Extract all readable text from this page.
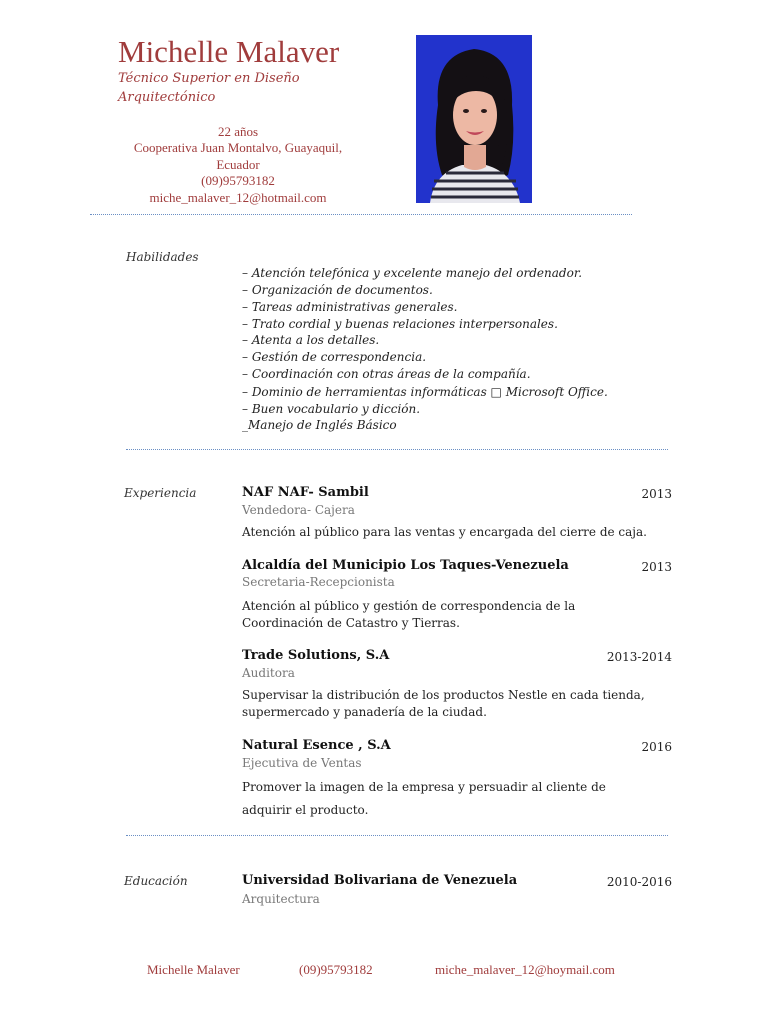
Michelle Malaver
Técnico Superior en Diseño
Arquitectónico
22 años
Cooperativa Juan Montalvo, Guayaquil,
Ecuador
(09)95793182
miche_malaver_12@hotmail.com
Habilidades
– Atención telefónica y excelente manejo del ordenador.
– Organización de documentos.
– Tareas administrativas generales.
– Trato cordial y buenas relaciones interpersonales.
– Atenta a los detalles.
– Gestión de correspondencia.
– Coordinación con otras áreas de la compañía.
– Dominio de herramientas informáticas □ Microsoft Office.
– Buen vocabulario y dicción.
_Manejo de Inglés Básico
Experiencia	NAF NAF- Sambil	2013
Vendedora- Cajera
Atención al público para las ventas y encargada del cierre de caja.
Alcaldía del Municipio Los Taques-Venezuela	2013
Secretaria-Recepcionista
Atención al público y gestión de correspondencia de la Coordinación de Catastro y Tierras.
Trade Solutions, S.A	2013-2014
Auditora
Supervisar la distribución de los productos Nestle en cada tienda, supermercado y panadería de la ciudad.
Natural Esence , S.A	2016
Ejecutiva de Ventas
Promover la imagen de la empresa y persuadir al cliente de adquirir el producto.
Educación	Universidad Bolivariana de Venezuela	2010-2016
Arquitectura
Michelle Malaver	(09)95793182	miche_malaver_12@hoymail.com
